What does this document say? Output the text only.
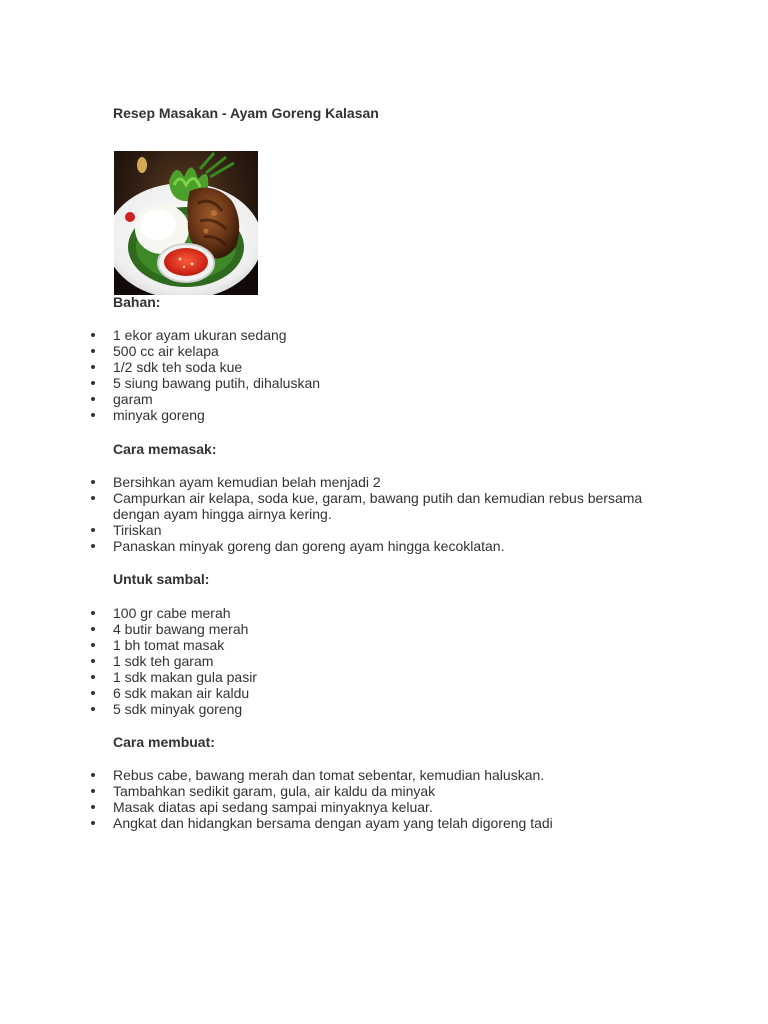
Resep Masakan - Ayam Goreng Kalasan
Bahan:
1 ekor ayam ukuran sedang
500 cc air kelapa
1/2 sdk teh soda kue
5 siung bawang putih, dihaluskan
garam
minyak goreng
Cara memasak:
Bersihkan ayam kemudian belah menjadi 2
Campurkan air kelapa, soda kue, garam, bawang putih dan kemudian rebus bersama dengan ayam hingga airnya kering.
Tiriskan
Panaskan minyak goreng dan goreng ayam hingga kecoklatan.
Untuk sambal:
100 gr cabe merah
4 butir bawang merah
1 bh tomat masak
1 sdk teh garam
1 sdk makan gula pasir
6 sdk makan air kaldu
5 sdk minyak goreng
Cara membuat:
Rebus cabe, bawang merah dan tomat sebentar, kemudian haluskan.
Tambahkan sedikit garam, gula, air kaldu da minyak
Masak diatas api sedang sampai minyaknya keluar.
Angkat dan hidangkan bersama dengan ayam yang telah digoreng tadi
